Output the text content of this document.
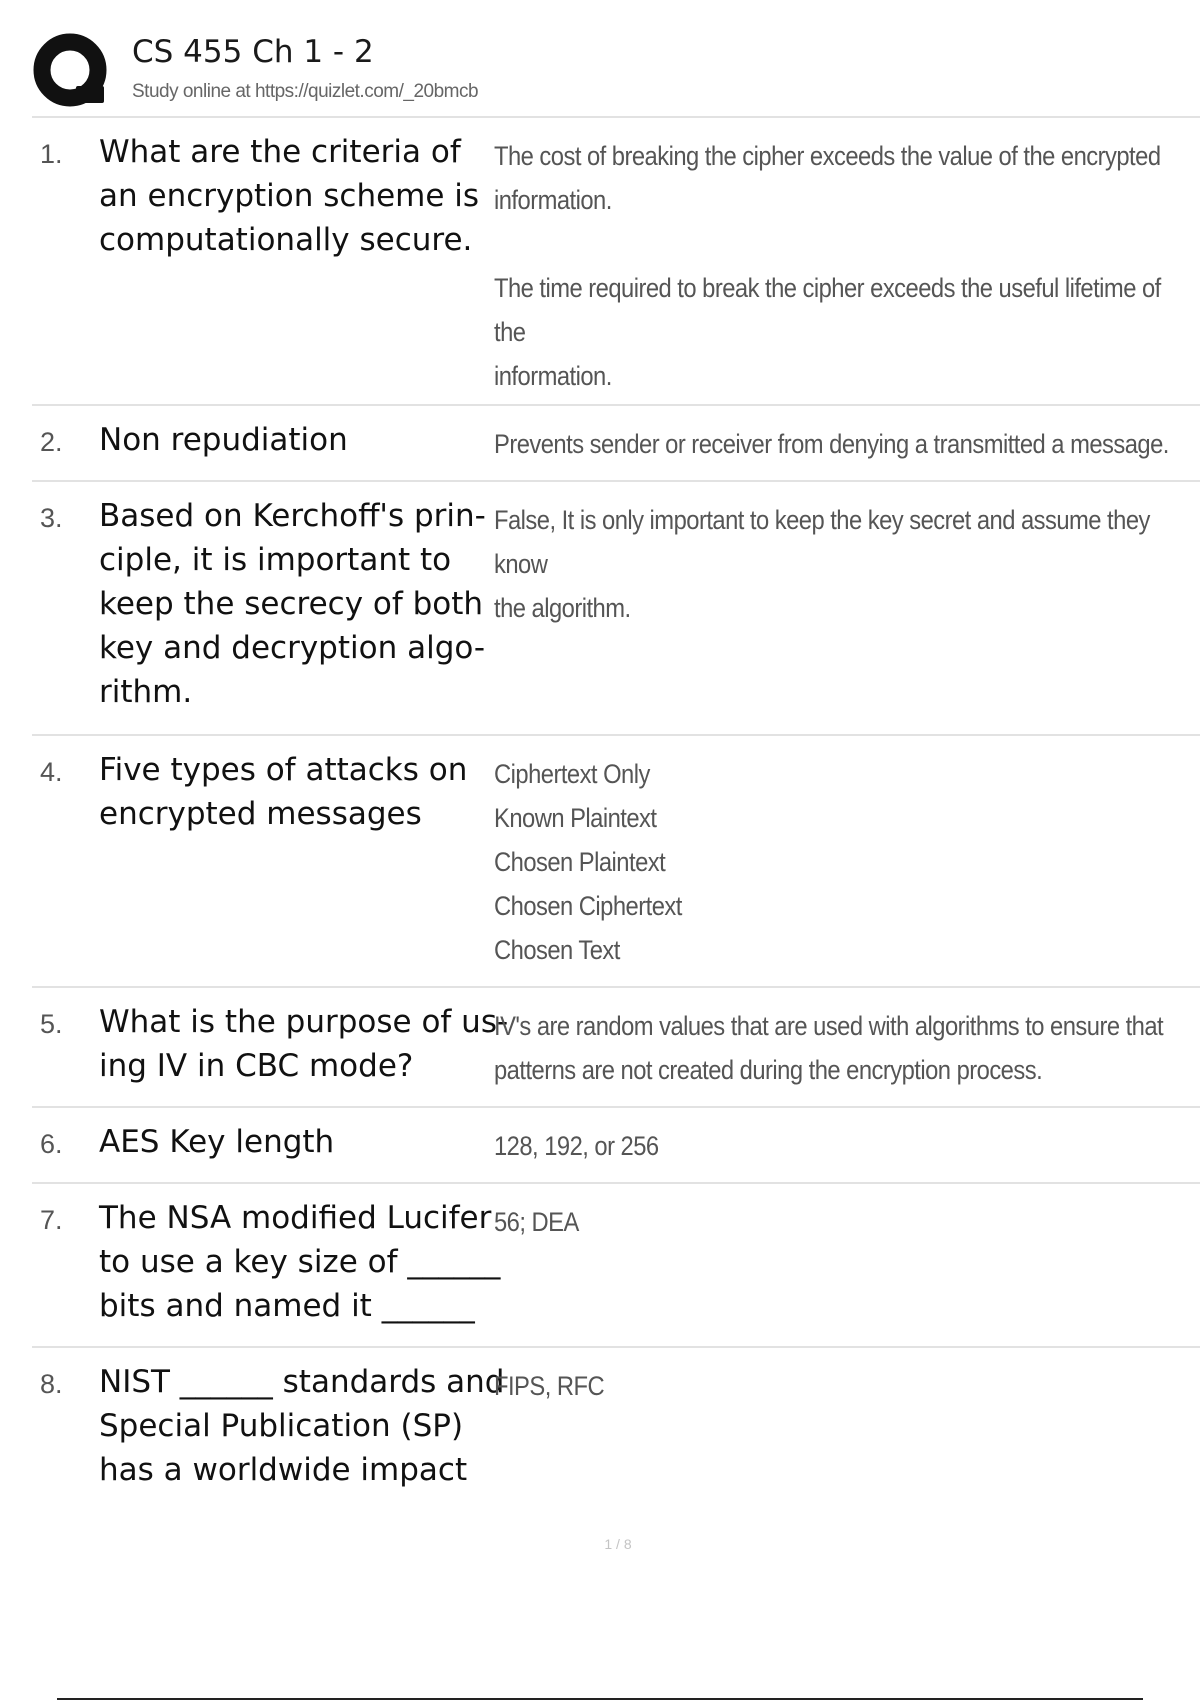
CS 455 Ch 1 - 2
Study online at https://quizlet.com/_20bmcb
1. What are the criteria of
an encryption scheme is
computationally secure.
The cost of breaking the cipher exceeds the value of the encrypted
information.

The time required to break the cipher exceeds the useful lifetime of
the
information.
2. Non repudiation	Prevents sender or receiver from denying a transmitted a message.
3. Based on Kerchoff's prin-
ciple, it is important to
keep the secrecy of both
key and decryption algo-
rithm.
False, It is only important to keep the key secret and assume they know
the algorithm.
4. Five types of attacks on
encrypted messages
Ciphertext Only
Known Plaintext
Chosen Plaintext
Chosen Ciphertext
Chosen Text
5. What is the purpose of us-
ing IV in CBC mode?
IV's are random values that are used with algorithms to ensure that
patterns are not created during the encryption process.
6. AES Key length	128, 192, or 256
7. The NSA modified Lucifer
to use a key size of ______
bits and named it ______
56; DEA
8. NIST ______ standards and
Special Publication (SP)
has a worldwide impact
FIPS, RFC
1 / 8
